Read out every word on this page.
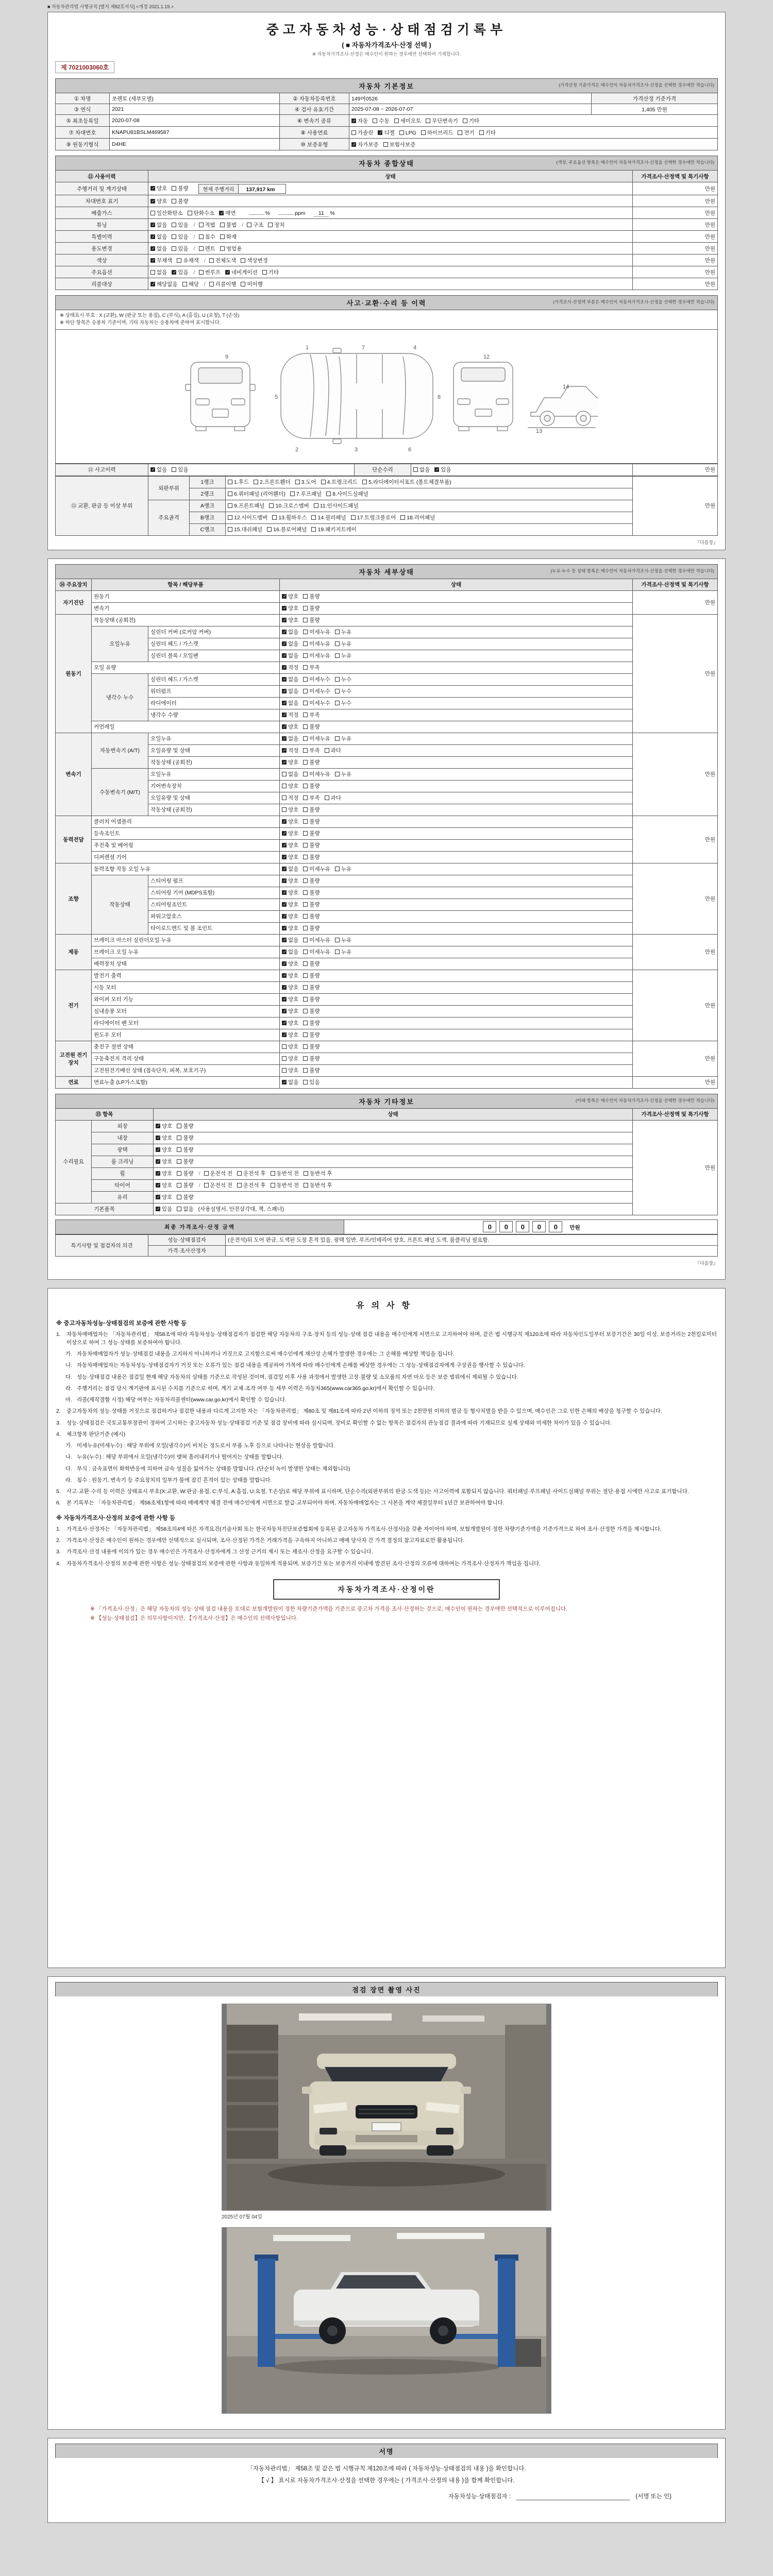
■ 자동차관리법 시행규칙 [별지 제82호서식] <개정 2021.1.19.>
중고자동차성능·상태점검기록부
( ■ 자동차가격조사·산정 선택 )
※ 자동차가격조사·산정은 매수인이 원하는 경우에만 선택하여 기재합니다.
제 7021003060호
자동차 기본정보	(가격산정 기준가격은 매수인이 자동차가격조사·산정을 선택한 경우에만 적습니다)
① 차명	쏘렌토 (세부모델)	② 자동차등록번호	149머0526	가격산정 기준가격
③ 연식	2021	④ 검사 유효기간	2025-07-08 ~ 2026-07-07	1,405 만원
⑤ 최초등록일	2020-07-08	⑥ 변속기 종류	✓자동 수동 세미오토 무단변속기 기타
⑦ 차대번호	KNAPU81BSLM469587	⑧ 사용연료	가솔린 ✓ 디젤 LPG 하이브리드 전기 기타
⑨ 원동기형식	D4HE	⑩ 보증유형	✓자가보증 보험사보증
자동차 종합상태	(색상, 주요옵션 항목은 매수인이 자동차가격조사·산정을 선택한 경우에만 적습니다)
⑪ 사용이력	상태	가격조사·산정액 및 특기사항
주행거리 및 계기상태	✓양호 불량 현재 주행거리	137,917 km	만원
차대번호 표기	✓양호 불량	만원
배출가스	일산화탄소 탄화수소 ✓ 매연 % ppm 11 %	만원
튜닝	✓없음 있음 / 적법 불법 / 구조 장치	만원
특별이력	✓없음 있음 / 침수 화재	만원
용도변경	✓없음 있음 / 렌트 영업용	만원
색상	✓무채색 유채색 / 전체도색 색상변경	만원
주요옵션	없음 ✓ 있음 / 썬루프 ✓ 네비게이션 기타	만원
리콜대상	✓해당없음 해당 / 리콜이행 미이행	만원
사고·교환·수리 등 이력	(가격조사·산정액 부분은 매수인이 자동차가격조사·산정을 선택한 경우에만 적습니다)
※ 상태표시 부호 : X (교환), W (판금 또는 용접), C (부식), A (흠집), U (요철), T (손상)
※ 하단 항목은 승용차 기준이며, 기타 자동차는 승용차에 준하여 표시합니다.
1	7	4
2	3	6
5	8
9	12
14
13
⑫ 사고이력	✓없음 있음	단순수리	없음 ✓ 있음	만원
⑬ 교환, 판금 등 이상 부위	외판부위	1랭크	1.후드 2.프론트휀더 3.도어 4.트렁크리드 5.라디에이터서포트 (볼트체결부품)	만원
		2랭크	6.쿼터패널 (리어휀더) 7.루프패널 8.사이드실패널	
	주요골격	A랭크	9.프론트패널 10.크로스멤버 11.인사이드패널	
		B랭크	12.사이드멤버 13.휠하우스 14.필러패널 17.트렁크플로어 18.리어패널	
		C랭크	15.대쉬패널 16.플로어패널 19.패키지트레이	
『다음장』
자동차 세부상태	(누유·누수 등 상태 항목은 매수인이 자동차가격조사·산정을 선택한 경우에만 적습니다)
⑭ 주요장치	항목 / 해당부품		상태	가격조사·산정액 및 특기사항
자기진단	원동기	✓양호 불량	만원
	변속기	✓양호 불량
원동기	작동상태 (공회전)	✓양호 불량	만원
	오일누유	실린더 커버 (로커암 커버)	✓없음 미세누유 누유
		실린더 헤드 / 가스켓	✓없음 미세누유 누유
		실린더 블록 / 오일팬	✓없음 미세누유 누유
	오일 유량	✓적정 부족
	냉각수 누수	실린더 헤드 / 가스켓	✓없음 미세누수 누수
		워터펌프	✓없음 미세누수 누수
		라디에이터	✓없음 미세누수 누수
		냉각수 수량	✓적정 부족
	커먼레일	✓양호 불량
변속기	자동변속기 (A/T)	오일누유	✓없음 미세누유 누유	만원
		오일유량 및 상태	✓적정 부족 과다
		작동상태 (공회전)	✓양호 불량
	수동변속기 (M/T)	오일누유	없음 미세누유 누유	
		기어변속장치	양호 불량	
		오일유량 및 상태	적정 부족 과다	
		작동상태 (공회전)	양호 불량	
동력전달	클러치 어셈블리	✓양호 불량	만원
	등속조인트	✓양호 불량
	추진축 및 베어링	✓양호 불량
	디퍼렌셜 기어	✓양호 불량
조향	동력조향 작동 오일 누유	✓없음 미세누유 누유	만원
	작동상태	스티어링 펌프	✓양호 불량
		스티어링 기어 (MDPS포함)	✓양호 불량
		스티어링조인트	✓양호 불량
		파워고압호스	✓양호 불량
		타이로드엔드 및 볼 조인트	✓양호 불량
제동	브레이크 마스터 실린더오일 누유	✓없음 미세누유 누유	만원
	브레이크 오일 누유	✓없음 미세누유 누유
	배력장치 상태	✓양호 불량
전기	발전기 출력	✓양호 불량	만원
	시동 모터	✓양호 불량
	와이퍼 모터 기능	✓양호 불량
	실내송풍 모터	✓양호 불량
	라디에이터 팬 모터	✓양호 불량
	윈도우 모터	✓양호 불량
고전원 전기장치	충전구 절연 상태		양호 불량	만원
	구동축전지 격리 상태		양호 불량	
	고전원전기배선 상태 (접속단자, 피복, 보호기구)		양호 불량	
연료	연료누출 (LP가스포함)	✓없음 있음	만원
자동차 기타정보	(아래 항목은 매수인이 자동차가격조사·산정을 선택한 경우에만 적습니다)
⑮ 항목		상태	가격조사·산정액 및 특기사항
수리필요	외장	✓양호 불량	만원
	내장	✓양호 불량
	광택	✓양호 불량
	룸 크리닝	✓양호 불량
	휠	✓양호 불량 / 운전석 전 운전석 후 동반석 전 동반석 후
	타이어	✓양호 불량 / 운전석 전 운전석 후 동반석 전 동반석 후
	유리	✓양호 불량
기본품목	✓있음 없음 (사용설명서, 안전삼각대, 잭, 스패너)
최종 가격조사·산정 금액	0 0 0 0 0 만원
특기사항 및 점검자의 의견	성능·상태점검자	(운전석)뒤 도어 판금, 도색된 도장 흔적 있음. 광택 일반, 루프/인테리어 양호, 프론트 패널 도색, 룸클리닝 필요함.
	가격·조사산정자	
『다음장』
유의사항
※ 중고자동차성능·상태점검의 보증에 관한 사항 등
1.	자동차매매업자는 「자동차관리법」 제58조에 따라 자동차성능·상태점검자가 점검한 해당 자동차의 구조·장치 등의 성능·상태 점검 내용을 매수인에게 서면으로 고지하여야 하며, 같은 법 시행규칙 제120조에 따라 자동차인도일부터 보증기간은 30일 이상, 보증거리는 2천킬로미터 이상으로 하여 그 성능·상태를 보증하여야 합니다.
가. 자동차매매업자가 성능·상태점검 내용을 고지하지 아니하거나 거짓으로 고지함으로써 매수인에게 재산상 손해가 발생한 경우에는 그 손해를 배상할 책임을 집니다.
나. 자동차매매업자는 자동차성능·상태점검자가 거짓 또는 오류가 있는 점검 내용을 제공하여 가목에 따라 매수인에게 손해를 배상한 경우에는 그 성능·상태점검자에게 구상권을 행사할 수 있습니다.
다. 성능·상태점검 내용은 점검일 현재 해당 자동차의 상태를 기준으로 작성된 것이며, 점검일 이후 사용 과정에서 발생한 고장·불량 및 소모품의 자연 마모 등은 보증 범위에서 제외될 수 있습니다.
라. 주행거리는 점검 당시 계기판에 표시된 수치를 기준으로 하며, 계기 교체·조작 여부 등 세부 이력은 자동차365(www.car365.go.kr)에서 확인할 수 있습니다.
마. 리콜(제작결함 시정) 해당 여부는 자동차리콜센터(www.car.go.kr)에서 확인할 수 있습니다.
2.	중고자동차의 성능·상태를 거짓으로 점검하거나 점검한 내용과 다르게 고지한 자는 「자동차관리법」 제80조 및 제81조에 따라 2년 이하의 징역 또는 2천만원 이하의 벌금 등 형사처벌을 받을 수 있으며, 매수인은 그로 인한 손해의 배상을 청구할 수 있습니다.
3.	성능·상태점검은 국토교통부장관이 정하여 고시하는 중고자동차 성능·상태점검 기준 및 점검 장비에 따라 실시되며, 장비로 확인할 수 없는 항목은 점검자의 관능점검 결과에 따라 기재되므로 실제 상태와 미세한 차이가 있을 수 있습니다.
4.	체크항목 판단기준 (예시)
가. 미세누유(미세누수) : 해당 부위에 오일(냉각수)이 비치는 정도로서 부품 노후 등으로 나타나는 현상을 말합니다.
나. 누유(누수) : 해당 부위에서 오일(냉각수)이 맺혀 흘러내리거나 떨어지는 상태를 말합니다.
다. 부식 : 금속표면이 화학반응에 의하여 금속 성질을 잃어가는 상태를 말합니다. (단순히 녹이 발생한 상태는 제외합니다)
라. 침수 : 원동기, 변속기 등 주요장치의 일부가 물에 잠긴 흔적이 있는 상태를 말합니다.
5.	사고·교환·수리 등 이력은 상태표시 부호(X:교환, W:판금·용접, C:부식, A:흠집, U:요철, T:손상)로 해당 부위에 표시하며, 단순수리(외판부위의 판금·도색 등)는 사고이력에 포함되지 않습니다. 쿼터패널·루프패널·사이드실패널 부위는 절단·용접 시에만 사고로 표기합니다.
6.	본 기록부는 「자동차관리법」 제58조제1항에 따라 매매계약 체결 전에 매수인에게 서면으로 발급·교부되어야 하며, 자동차매매업자는 그 사본을 계약 체결일부터 1년간 보관하여야 합니다.
※ 자동차가격조사·산정의 보증에 관한 사항 등
1.	가격조사·산정자는 「자동차관리법」 제58조의4에 따른 자격요건(기술사회 또는 한국자동차진단보증협회에 등록된 중고자동차 가격조사·산정사)을 갖춘 자이어야 하며, 보험개발원이 정한 차량기준가액을 기준가격으로 하여 조사·산정한 가격을 제시합니다.
2.	가격조사·산정은 매수인이 원하는 경우에만 선택적으로 실시되며, 조사·산정된 가격은 거래가격을 구속하지 아니하고 매매 당사자 간 가격 결정의 참고자료로만 활용됩니다.
3.	가격조사·산정 내용에 이의가 있는 경우 매수인은 가격조사·산정자에게 그 산정 근거의 제시 또는 재조사·산정을 요구할 수 있습니다.
4.	자동차가격조사·산정의 보증에 관한 사항은 성능·상태점검의 보증에 관한 사항과 동일하게 적용되며, 보증기간 또는 보증거리 이내에 발견된 조사·산정의 오류에 대하여는 가격조사·산정자가 책임을 집니다.
자동차가격조사·산정이란
※ 「가격조사·산정」은 해당 자동차의 성능·상태 점검 내용을 토대로 보험개발원이 정한 차량기준가액을 기준으로 중고차 가격을 조사·산정하는 것으로, 매수인이 원하는 경우에만 선택적으로 이루어집니다.
※ 【성능·상태점검】은 의무사항이지만, 【가격조사·산정】은 매수인의 선택사항입니다.
점검 장면 촬영 사진
2025년 07월 04일
서명
「자동차관리법」 제58조 및 같은 법 시행규칙 제120조에 따라 ( 자동차성능·상태점검의 내용 )을 확인합니다.
【 √ 】 표시로 자동차가격조사·산정을 선택한 경우에는 ( 가격조사·산정의 내용 )을 함께 확인합니다.
자동차성능·상태점검자 :	(서명 또는 인)
